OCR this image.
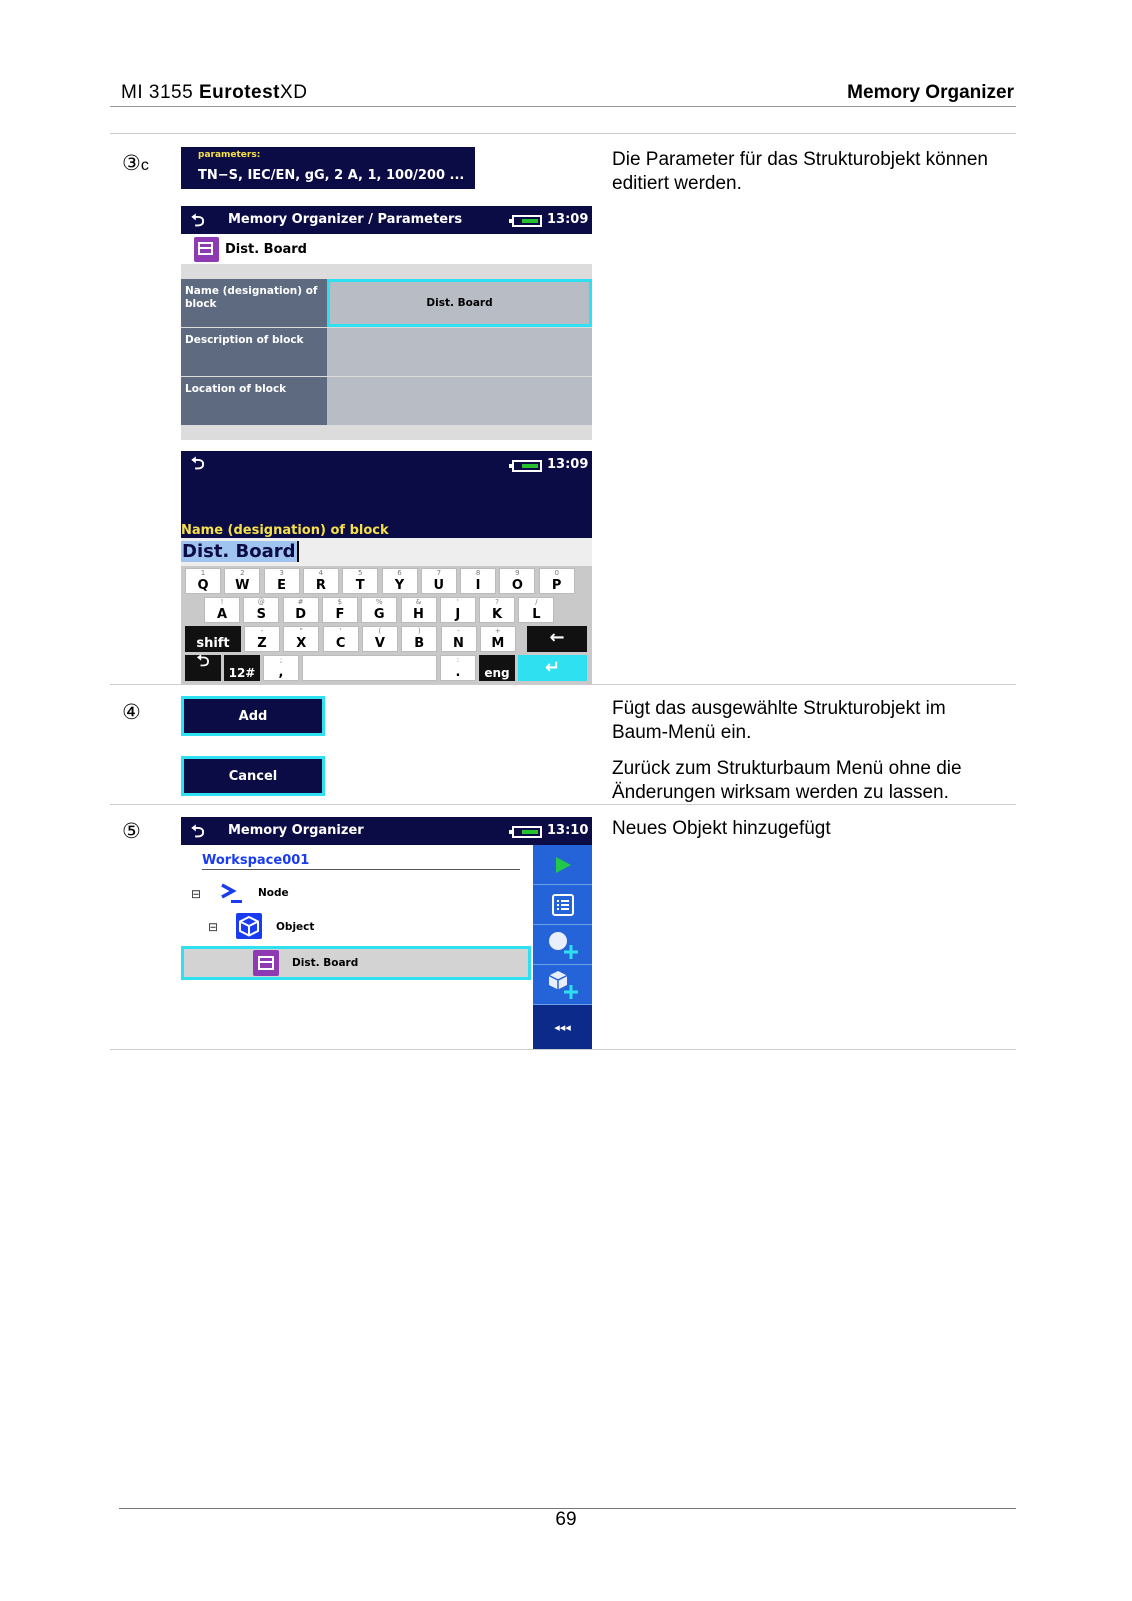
MI 3155 EurotestXD	Memory Organizer
③c	Die Parameter für das Strukturobjekt können editiert werden.
parameters:
TN−S, IEC/EN, gG, 2 A, 1, 100/200 ...
⮌ Memory Organizer / Parameters	13:09
Dist. Board
Name (designation) of block	Dist. Board
Description of block
Location of block
⮌	13:09
Name (designation) of block
Dist. Board
1
Q
2
W
3
E
4
R
5
T
6
Y
7
U
8
I
9
O
0
P
!
A
@
S
#
D
$
F
%
G
&
H
'
J
?
K
/
L
-
Z
"
X
'
C
(
V
)
B
-
N
+
M
shift	←
⮌
12#
;
,
:
.	eng	↵
④	Add
Cancel
Fügt das ausgewählte Strukturobjekt im Baum-Menü ein.
Zurück zum Strukturbaum Menü ohne die Änderungen wirksam werden zu lassen.
⑤	Neues Objekt hinzugefügt
⮌ Memory Organizer	13:10
Workspace001
⊟	Node
⊟	Object
Dist. Board
◂◂◂
69
